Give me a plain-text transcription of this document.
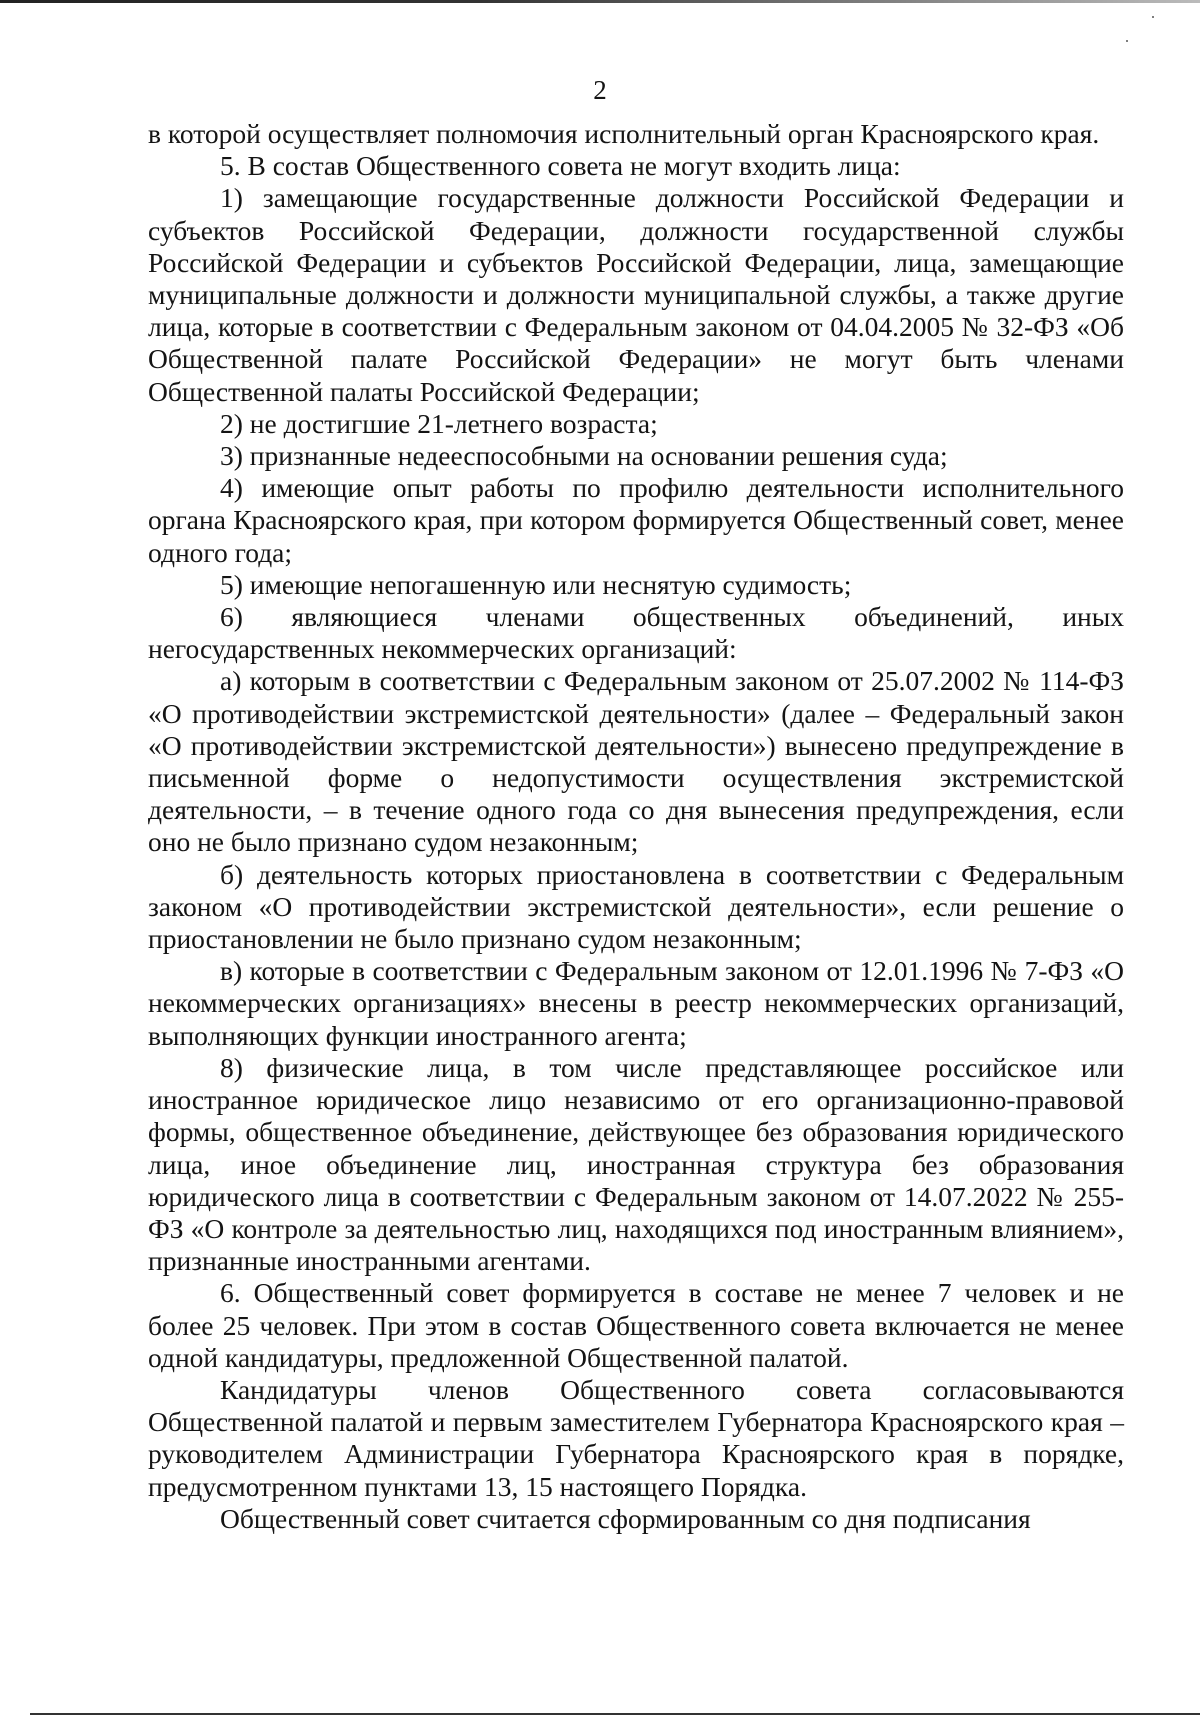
2

в которой осуществляет полномочия исполнительный орган Красноярского края.

5. В состав Общественного совета не могут входить лица:

1) замещающие государственные должности Российской Федерации и субъектов Российской Федерации, должности государственной службы Российской Федерации и субъектов Российской Федерации, лица, замещающие муниципальные должности и должности муниципальной службы, а также другие лица, которые в соответствии с Федеральным законом от 04.04.2005 № 32-ФЗ «Об Общественной палате Российской Федерации» не могут быть членами Общественной палаты Российской Федерации;

2) не достигшие 21-летнего возраста;

3) признанные недееспособными на основании решения суда;

4) имеющие опыт работы по профилю деятельности исполнительного органа Красноярского края, при котором формируется Общественный совет, менее одного года;

5) имеющие непогашенную или неснятую судимость;

6) являющиеся членами общественных объединений, иных негосударственных некоммерческих организаций:

а) которым в соответствии с Федеральным законом от 25.07.2002 № 114-ФЗ «О противодействии экстремистской деятельности» (далее – Федеральный закон «О противодействии экстремистской деятельности») вынесено предупреждение в письменной форме о недопустимости осуществления экстремистской деятельности, – в течение одного года со дня вынесения предупреждения, если оно не было признано судом незаконным;

б) деятельность которых приостановлена в соответствии с Федеральным законом «О противодействии экстремистской деятельности», если решение о приостановлении не было признано судом незаконным;

в) которые в соответствии с Федеральным законом от 12.01.1996 № 7-ФЗ «О некоммерческих организациях» внесены в реестр некоммерческих организаций, выполняющих функции иностранного агента;

8) физические лица, в том числе представляющее российское или иностранное юридическое лицо независимо от его организационно-правовой формы, общественное объединение, действующее без образования юридического лица, иное объединение лиц, иностранная структура без образования юридического лица в соответствии с Федеральным законом от 14.07.2022 № 255-ФЗ «О контроле за деятельностью лиц, находящихся под иностранным влиянием», признанные иностранными агентами.

6. Общественный совет формируется в составе не менее 7 человек и не более 25 человек. При этом в состав Общественного совета включается не менее одной кандидатуры, предложенной Общественной палатой.

Кандидатуры членов Общественного совета согласовываются Общественной палатой и первым заместителем Губернатора Красноярского края – руководителем Администрации Губернатора Красноярского края в порядке, предусмотренном пунктами 13, 15 настоящего Порядка.

Общественный совет считается сформированным со дня подписания
